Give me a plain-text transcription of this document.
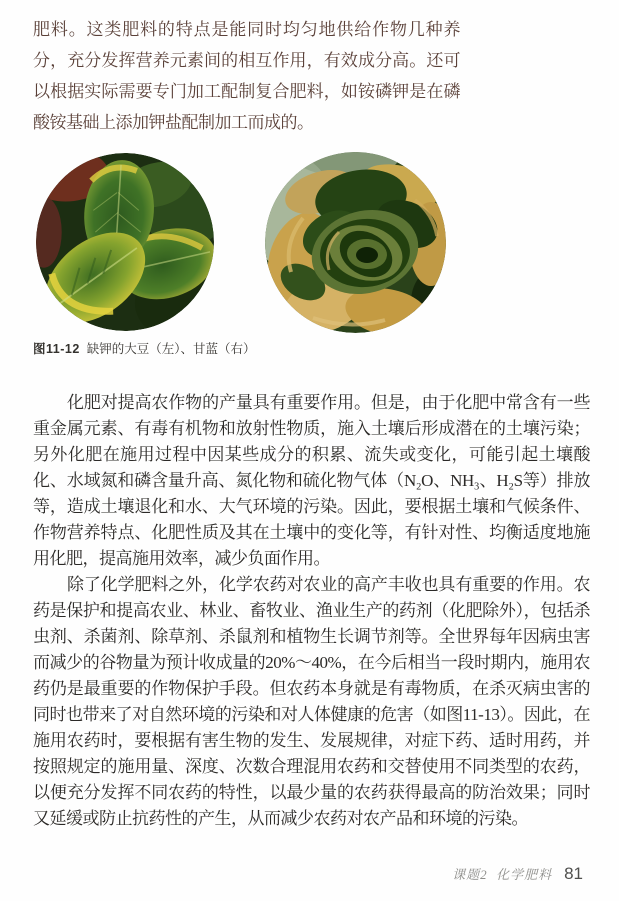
肥料。这类肥料的特点是能同时均匀地供给作物几种养分，充分发挥营养元素间的相互作用，有效成分高。还可以根据实际需要专门加工配制复合肥料，如铵磷钾是在磷酸铵基础上添加钾盐配制加工而成的。
图11-12 缺钾的大豆（左）、甘蓝（右）

化肥对提高农作物的产量具有重要作用。但是，由于化肥中常含有一些重金属元素、有毒有机物和放射性物质，施入土壤后形成潜在的土壤污染；另外化肥在施用过程中因某些成分的积累、流失或变化，可能引起土壤酸化、水域氮和磷含量升高、氮化物和硫化物气体（N₂O、NH₃、H₂S等）排放等，造成土壤退化和水、大气环境的污染。因此，要根据土壤和气候条件、作物营养特点、化肥性质及其在土壤中的变化等，有针对性、均衡适度地施用化肥，提高施用效率，减少负面作用。

除了化学肥料之外，化学农药对农业的高产丰收也具有重要的作用。农药是保护和提高农业、林业、畜牧业、渔业生产的药剂（化肥除外），包括杀虫剂、杀菌剂、除草剂、杀鼠剂和植物生长调节剂等。全世界每年因病虫害而减少的谷物量为预计收成量的20%～40%，在今后相当一段时期内，施用农药仍是最重要的作物保护手段。但农药本身就是有毒物质，在杀灭病虫害的同时也带来了对自然环境的污染和对人体健康的危害（如图11-13）。因此，在施用农药时，要根据有害生物的发生、发展规律，对症下药、适时用药，并按照规定的施用量、深度、次数合理混用农药和交替使用不同类型的农药，以便充分发挥不同农药的特性，以最少量的农药获得最高的防治效果；同时又延缓或防止抗药性的产生，从而减少农药对农产品和环境的污染。

课题2  化学肥料 81
